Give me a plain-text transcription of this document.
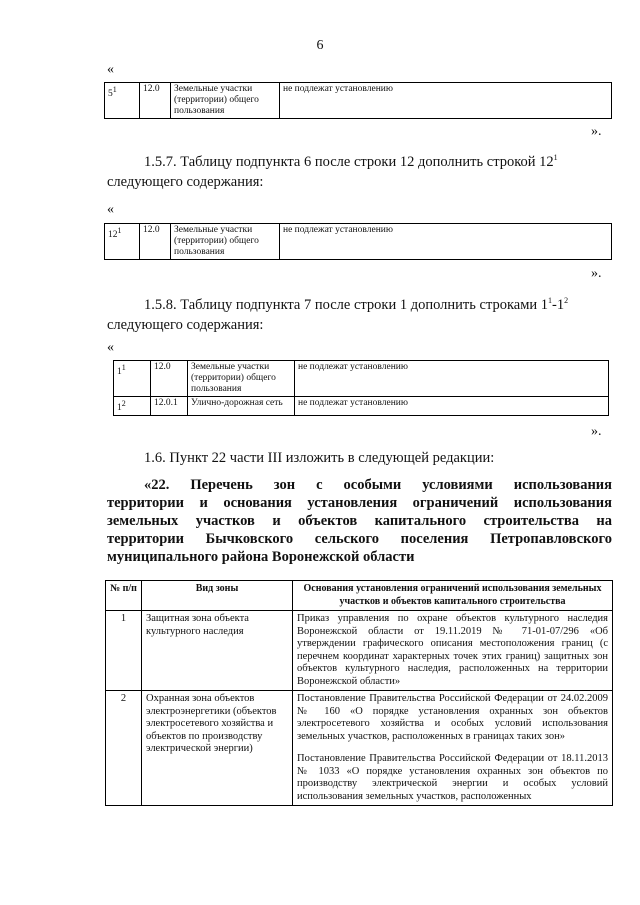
6
«
$5^1$	12.0	Земельные участки (территории) общего пользования	не подлежат установлению
».
1.5.7. Таблицу подпункта 6 после строки 12 дополнить строкой $12^1$
следующего содержания:
«
$12^1$	12.0	Земельные участки (территории) общего пользования	не подлежат установлению
».
1.5.8. Таблицу подпункта 7 после строки 1 дополнить строками $1^1-1^2$
следующего содержания:
«
$1^1$	12.0	Земельные участки (территории) общего пользования	не подлежат установлению
$1^2$	12.0.1	Улично-дорожная сеть	не подлежат установлению
».
1.6. Пункт 22 части III изложить в следующей редакции:
«22. Перечень зон с особыми условиями использования
территории и основания установления ограничений использования
земельных участков и объектов капитального строительства на
территории Бычковского сельского поселения Петропавловского
муниципального района Воронежской области
№ п/п	Вид зоны	Основания установления ограничений использования земельных участков и объектов капитального строительства
1	Защитная зона объекта культурного наследия	Приказ управления по охране объектов культурного наследия Воронежской области от 19.11.2019 № 71-01-07/296 «Об утверждении графического описания местоположения границ (с перечнем координат характерных точек этих границ) защитных зон объектов культурного наследия, расположенных на территории Воронежской области»
2	Охранная зона объектов электроэнергетики (объектов электросетевого хозяйства и объектов по производству электрической энергии)	Постановление Правительства Российской Федерации от 24.02.2009 № 160 «О порядке установления охранных зон объектов электросетевого хозяйства и особых условий использования земельных участков, расположенных в границах таких зон»
Постановление Правительства Российской Федерации от 18.11.2013 № 1033 «О порядке установления охранных зон объектов по производству электрической энергии и особых условий использования земельных участков, расположенных
